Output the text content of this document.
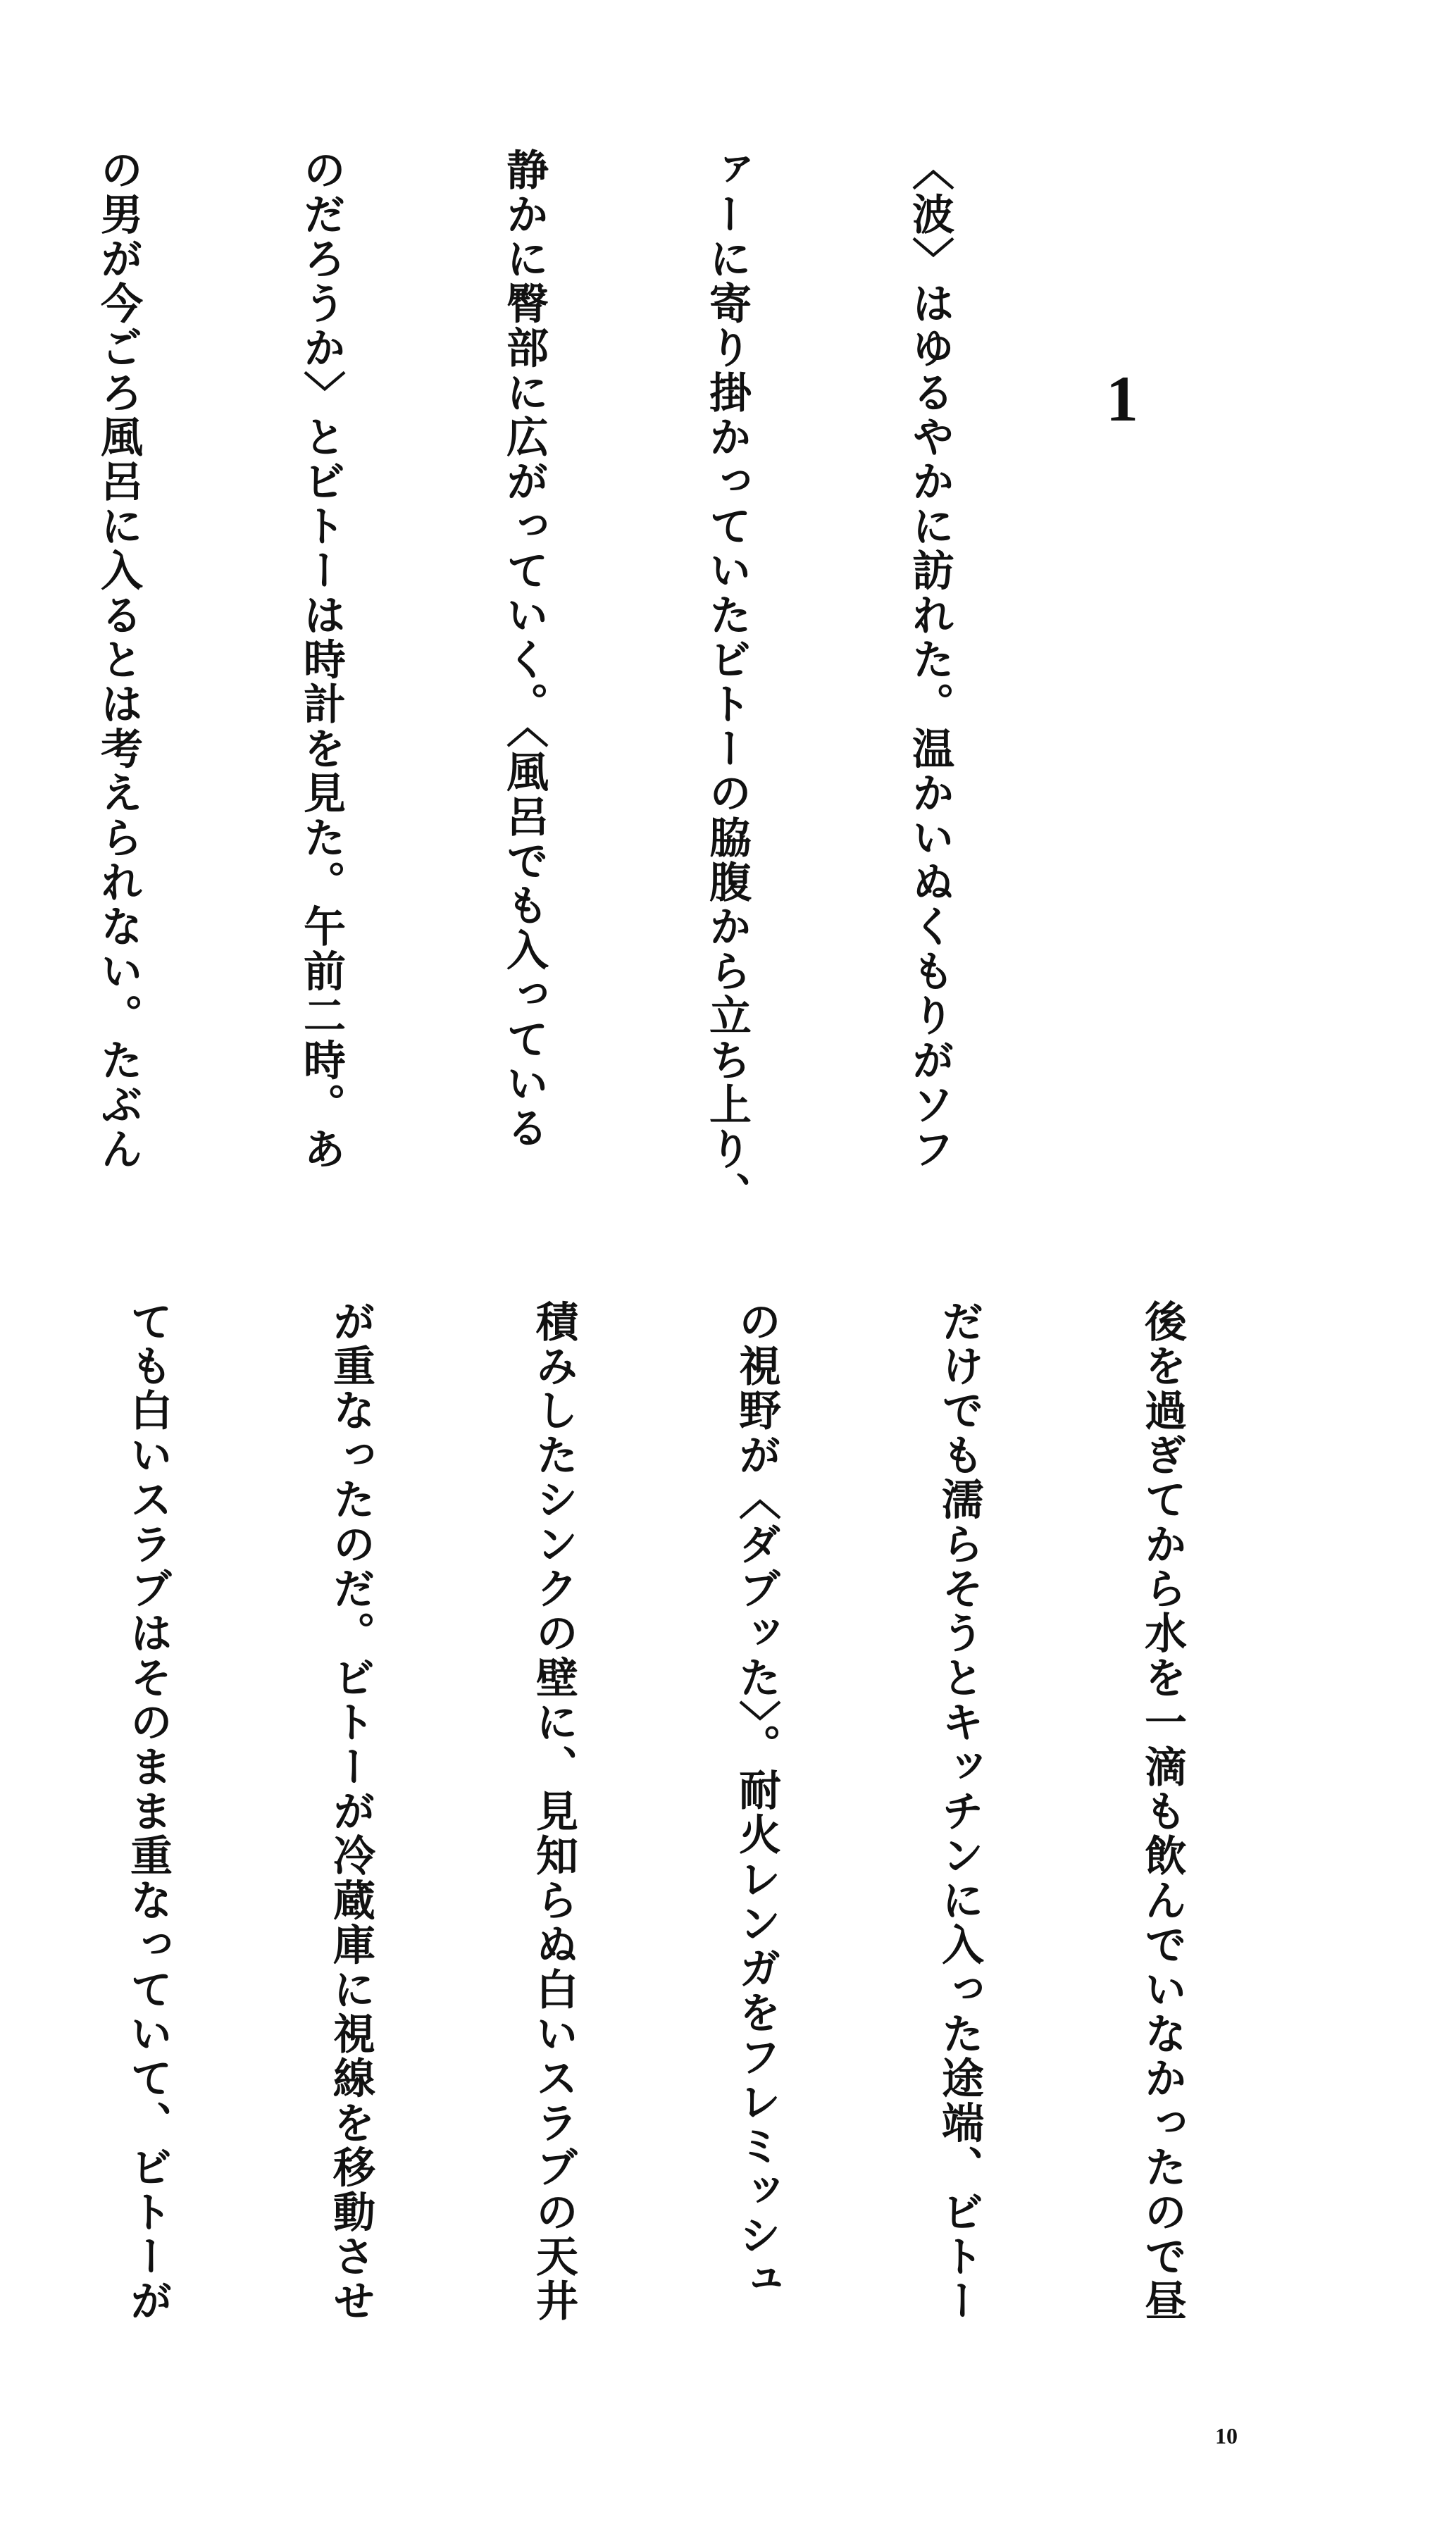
1

〈波〉はゆるやかに訪れた。温かいぬくもりがソフ

ァーに寄り掛かっていたビトーの脇腹から立ち上り、

静かに臀部に広がっていく。〈風呂でも入っている

のだろうか〉とビトーは時計を見た。午前二時。あ

の男が今ごろ風呂に入るとは考えられない。たぶん

後を過ぎてから水を一滴も飲んでいなかったので昼

だけでも濡らそうとキッチンに入った途端、ビトー

の視野が〈ダブッた〉。耐火レンガをフレミッシュ

積みしたシンクの壁に、見知らぬ白いスラブの天井

が重なったのだ。ビトーが冷蔵庫に視線を移動させ

ても白いスラブはそのまま重なっていて、ビトーが

10
